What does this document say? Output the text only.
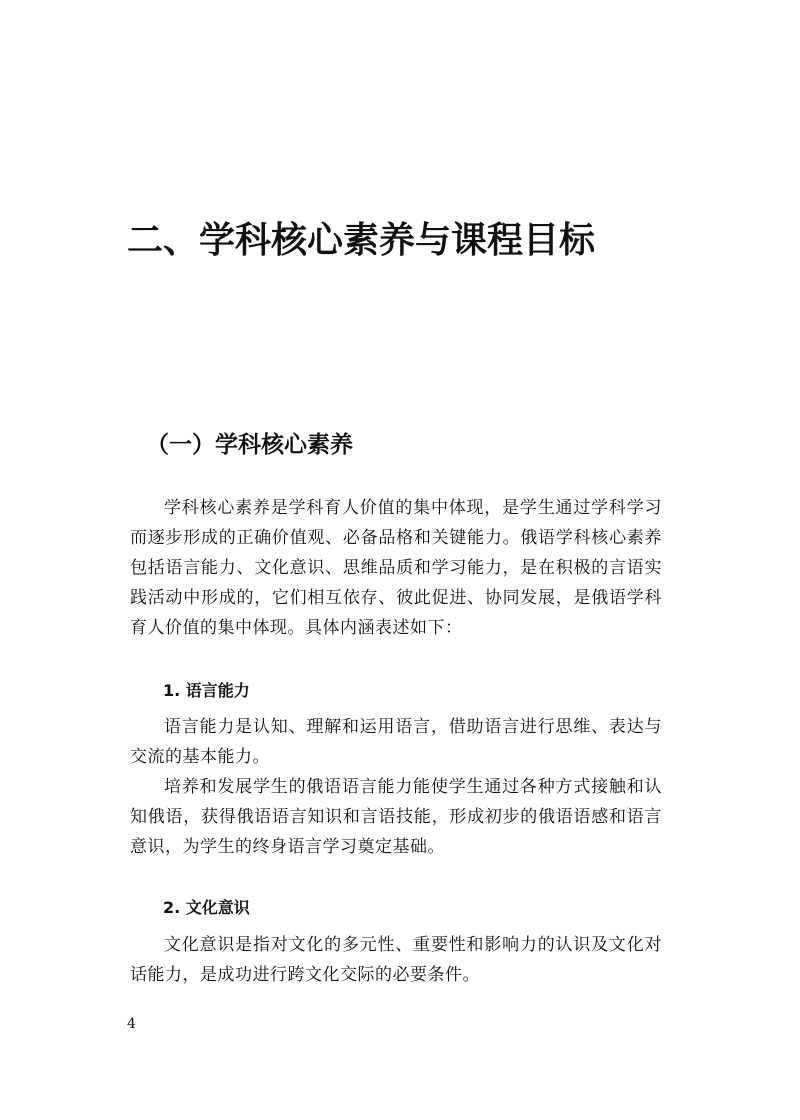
二、学科核心素养与课程目标
（一）学科核心素养

学科核心素养是学科育人价值的集中体现，是学生通过学科学习而逐步形成的正确价值观、必备品格和关键能力。俄语学科核心素养包括语言能力、文化意识、思维品质和学习能力，是在积极的言语实践活动中形成的，它们相互依存、彼此促进、协同发展，是俄语学科育人价值的集中体现。具体内涵表述如下：

1. 语言能力

语言能力是认知、理解和运用语言，借助语言进行思维、表达与交流的基本能力。

培养和发展学生的俄语语言能力能使学生通过各种方式接触和认知俄语，获得俄语语言知识和言语技能，形成初步的俄语语感和语言意识，为学生的终身语言学习奠定基础。

2. 文化意识

文化意识是指对文化的多元性、重要性和影响力的认识及文化对话能力，是成功进行跨文化交际的必要条件。

4
